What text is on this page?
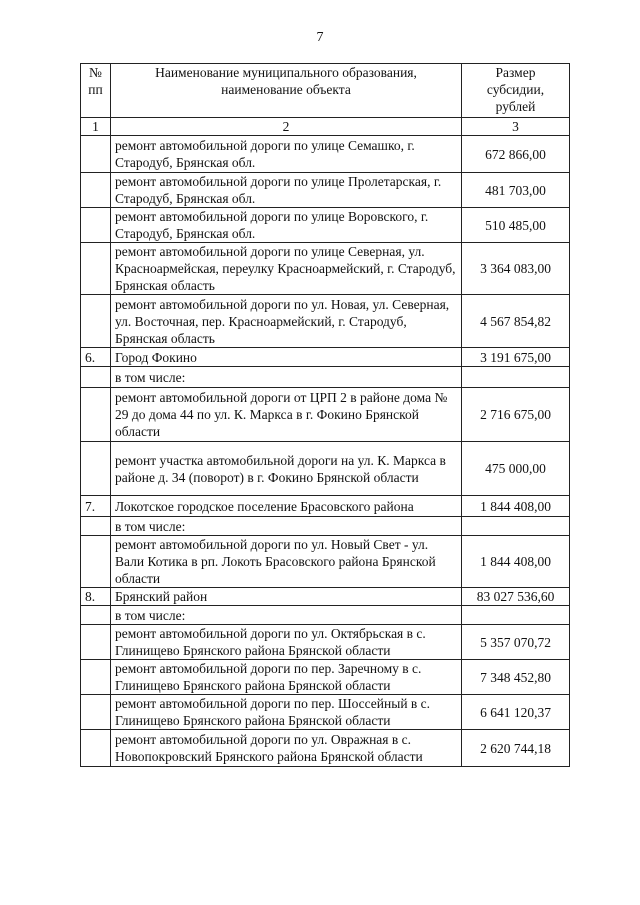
7
№ пп	Наименование муниципального образования, наименование объекта	Размер субсидии, рублей
1	2	3
	ремонт автомобильной дороги по улице Семашко, г. Стародуб, Брянская обл.	672 866,00
	ремонт автомобильной дороги по улице Пролетарская, г. Стародуб, Брянская обл.	481 703,00
	ремонт автомобильной дороги по улице Воровского, г. Стародуб, Брянская обл.	510 485,00
	ремонт автомобильной дороги по улице Северная, ул. Красноармейская, переулку Красноармейский, г. Стародуб, Брянская область	3 364 083,00
	ремонт автомобильной дороги по ул. Новая, ул. Северная, ул. Восточная, пер. Красноармейский, г. Стародуб, Брянская область	4 567 854,82
6.	Город Фокино	3 191 675,00
	в том числе:	
	ремонт автомобильной дороги от ЦРП 2 в районе дома № 29 до дома 44 по ул. К. Маркса в г. Фокино Брянской области	2 716 675,00
	ремонт участка автомобильной дороги на ул. К. Маркса в районе д. 34 (поворот) в г. Фокино Брянской области	475 000,00
7.	Локотское городское поселение Брасовского района	1 844 408,00
	в том числе:	
	ремонт автомобильной дороги по ул. Новый Свет - ул. Вали Котика в рп. Локоть Брасовского района Брянской области	1 844 408,00
8.	Брянский район	83 027 536,60
	в том числе:	
	ремонт автомобильной дороги по ул. Октябрьская в с. Глинищево Брянского района Брянской области	5 357 070,72
	ремонт автомобильной дороги по пер. Заречному в с. Глинищево Брянского района Брянской области	7 348 452,80
	ремонт автомобильной дороги по пер. Шоссейный в с. Глинищево Брянского района Брянской области	6 641 120,37
	ремонт автомобильной дороги по ул. Овражная в с. Новопокровский Брянского района Брянской области	2 620 744,18
